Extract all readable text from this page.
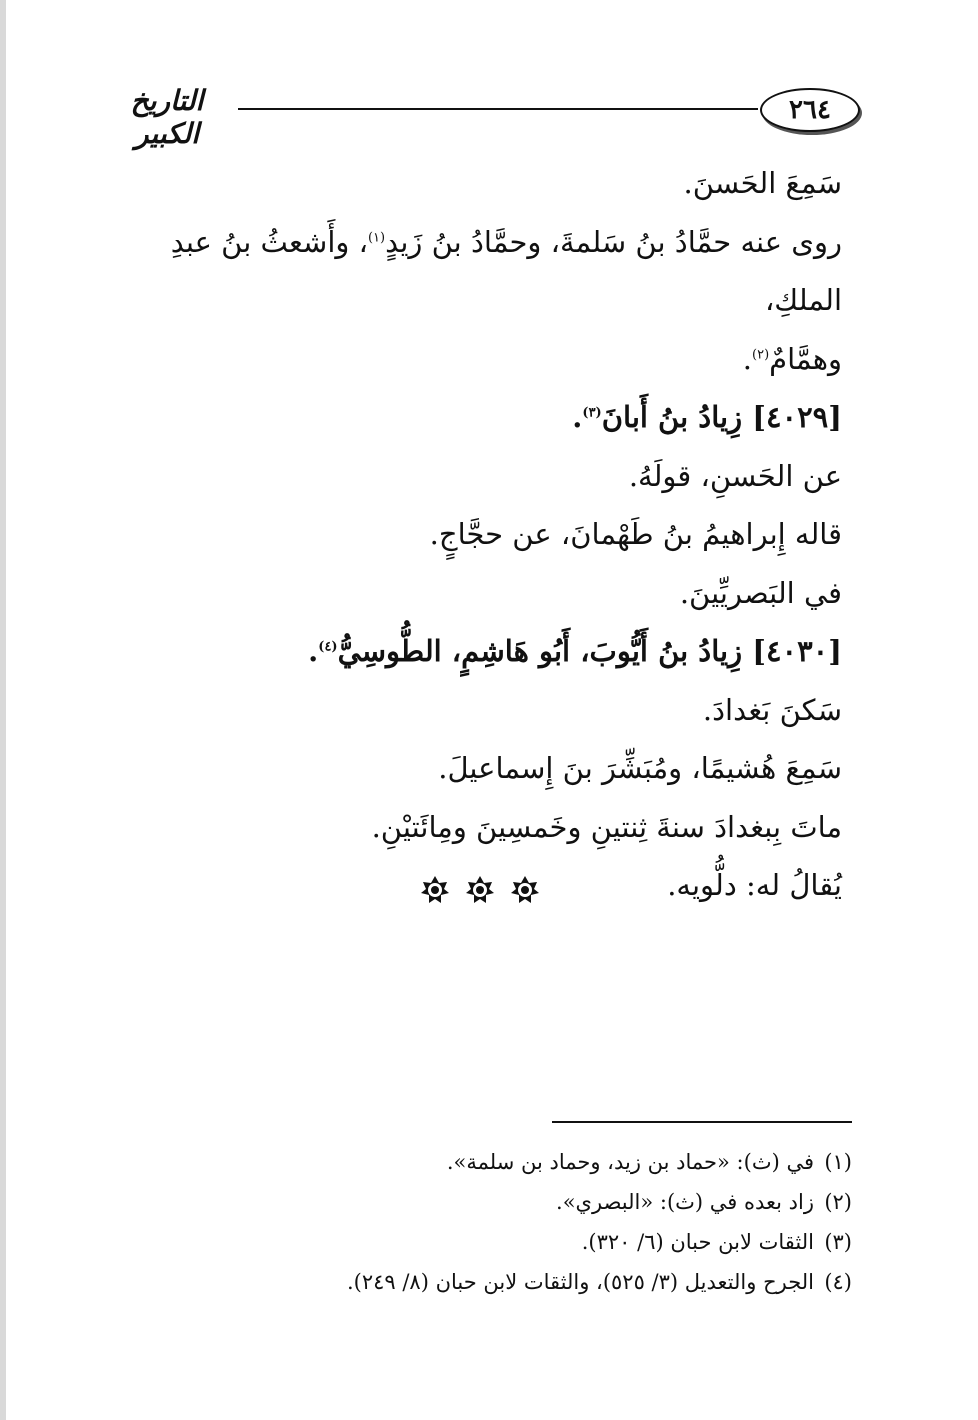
التاريخ الكبير
٢٦٤

سَمِعَ الحَسنَ.

روى عنه حمَّادُ بنُ سَلمةَ، وحمَّادُ بنُ زَيدٍ$^{(١)}$، وأَشعثُ بنُ عبدِ الملكِ،

وهمَّامٌ$^{(٢)}$.

[٤٠٢٩] زِيادُ بنُ أَبانَ$^{(٣)}$.

عن الحَسنِ، قولَهُ.

قاله إِبراهيمُ بنُ طَهْمانَ، عن حجَّاجٍ.

في البَصريِّينَ.

[٤٠٣٠] زِيادُ بنُ أَيُّوبَ، أَبُو هَاشِمٍ، الطُّوسِيُّ$^{(٤)}$.

سَكنَ بَغدادَ.

سَمِعَ هُشيمًا، ومُبَشِّرَ بنَ إِسماعيلَ.

ماتَ بِبغدادَ سنةَ ثِنتينِ وخَمسِينَ ومِائَتيْنِ.

يُقالُ له: دلُّويه.

(١)في (ث): «حماد بن زيد، وحماد بن سلمة».
(٢)زاد بعده في (ث): «البصري».
(٣)الثقات لابن حبان (٦/ ٣٢٠).
(٤)الجرح والتعديل (٣/ ٥٢٥)، والثقات لابن حبان (٨/ ٢٤٩).
